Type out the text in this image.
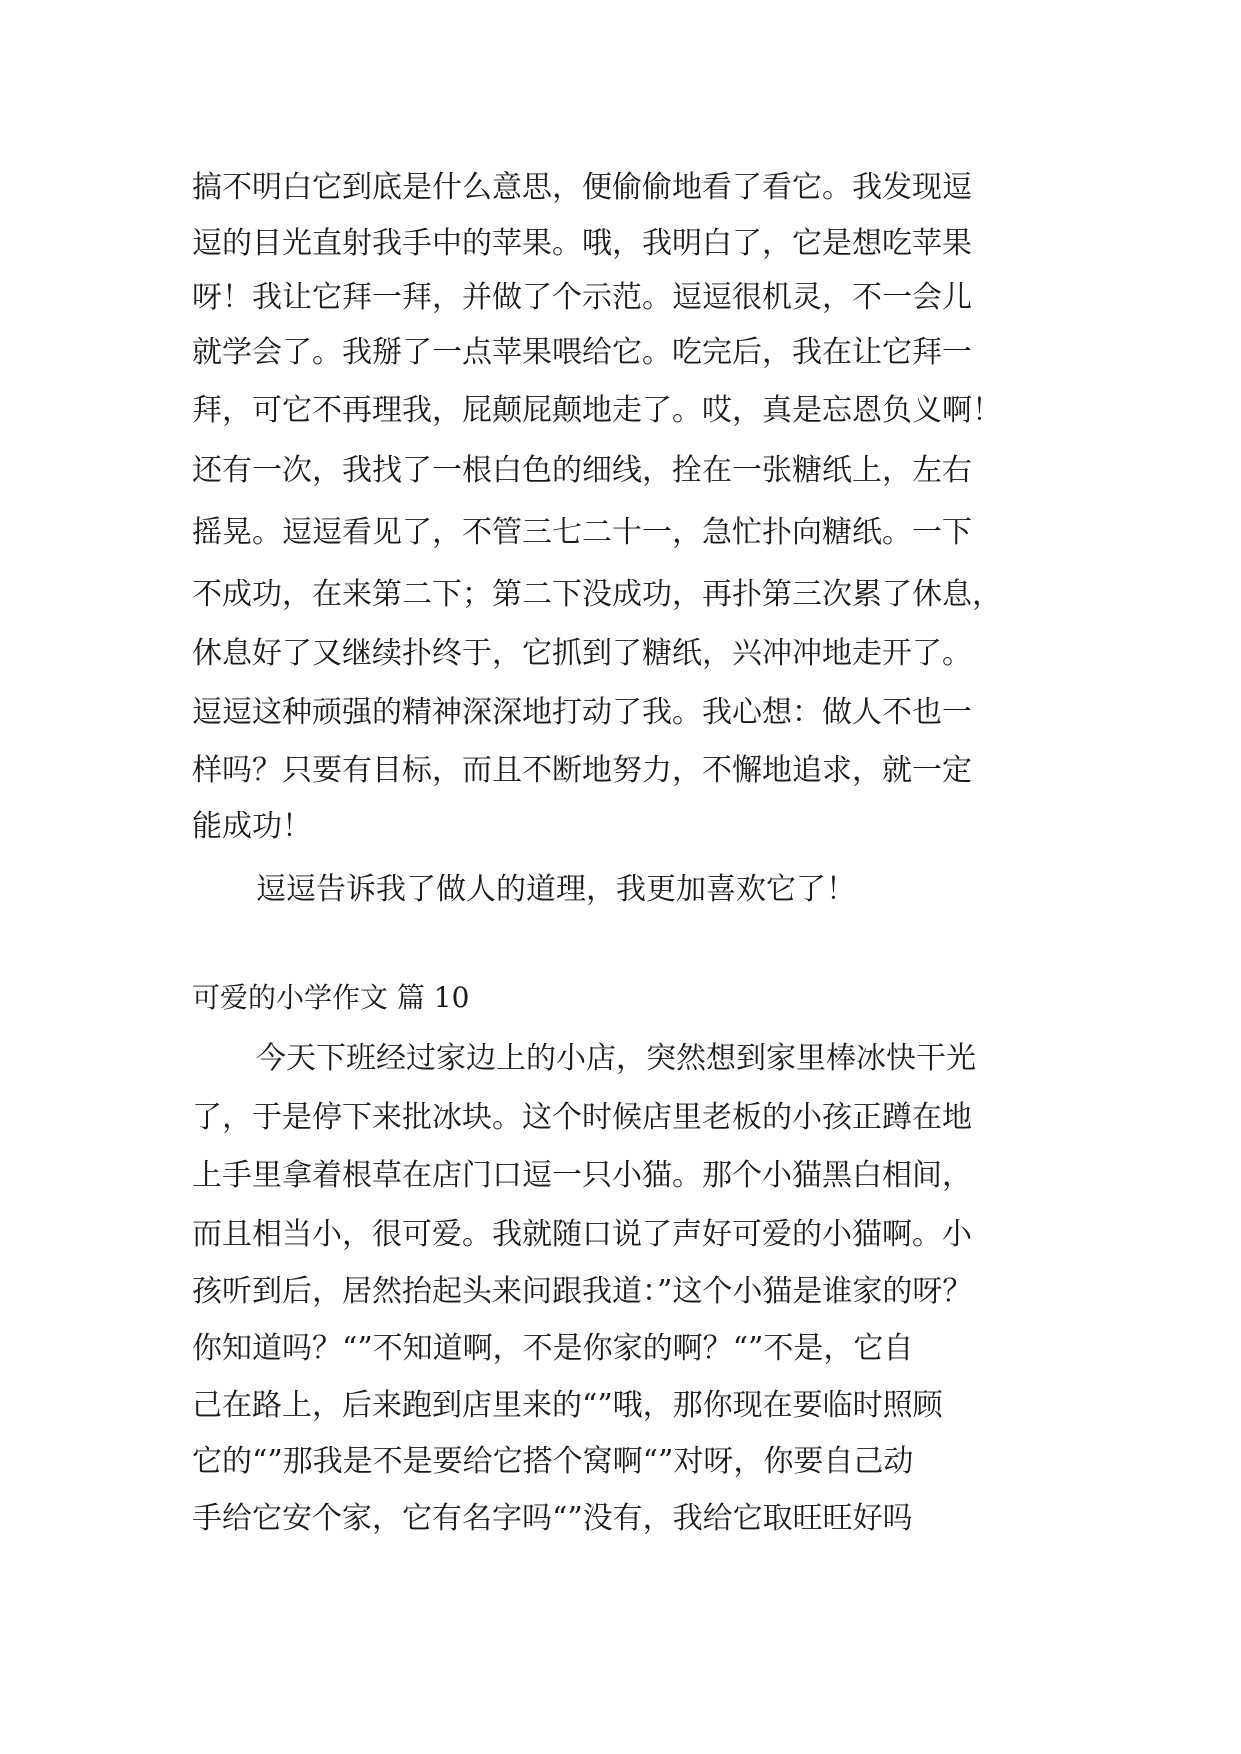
搞不明白它到底是什么意思，便偷偷地看了看它。我发现逗
逗的目光直射我手中的苹果。哦，我明白了，它是想吃苹果
呀！我让它拜一拜，并做了个示范。逗逗很机灵，不一会儿
就学会了。我掰了一点苹果喂给它。吃完后，我在让它拜一
拜，可它不再理我，屁颠屁颠地走了。哎，真是忘恩负义啊！
还有一次，我找了一根白色的细线，拴在一张糖纸上，左右
摇晃。逗逗看见了，不管三七二十一，急忙扑向糖纸。一下
不成功，在来第二下；第二下没成功，再扑第三次累了休息，
休息好了又继续扑终于，它抓到了糖纸，兴冲冲地走开了。
逗逗这种顽强的精神深深地打动了我。我心想：做人不也一
样吗？只要有目标，而且不断地努力，不懈地追求，就一定
能成功！
逗逗告诉我了做人的道理，我更加喜欢它了！
可爱的小学作文 篇 10
今天下班经过家边上的小店，突然想到家里棒冰快干光
了，于是停下来批冰块。这个时候店里老板的小孩正蹲在地
上手里拿着根草在店门口逗一只小猫。那个小猫黑白相间，
而且相当小，很可爱。我就随口说了声好可爱的小猫啊。小
孩听到后，居然抬起头来问跟我道：”这个小猫是谁家的呀？
你知道吗？“”不知道啊，不是你家的啊？“”不是，它自
己在路上，后来跑到店里来的“”哦，那你现在要临时照顾
它的“”那我是不是要给它搭个窝啊“”对呀，你要自己动
手给它安个家，它有名字吗“”没有，我给它取旺旺好吗
